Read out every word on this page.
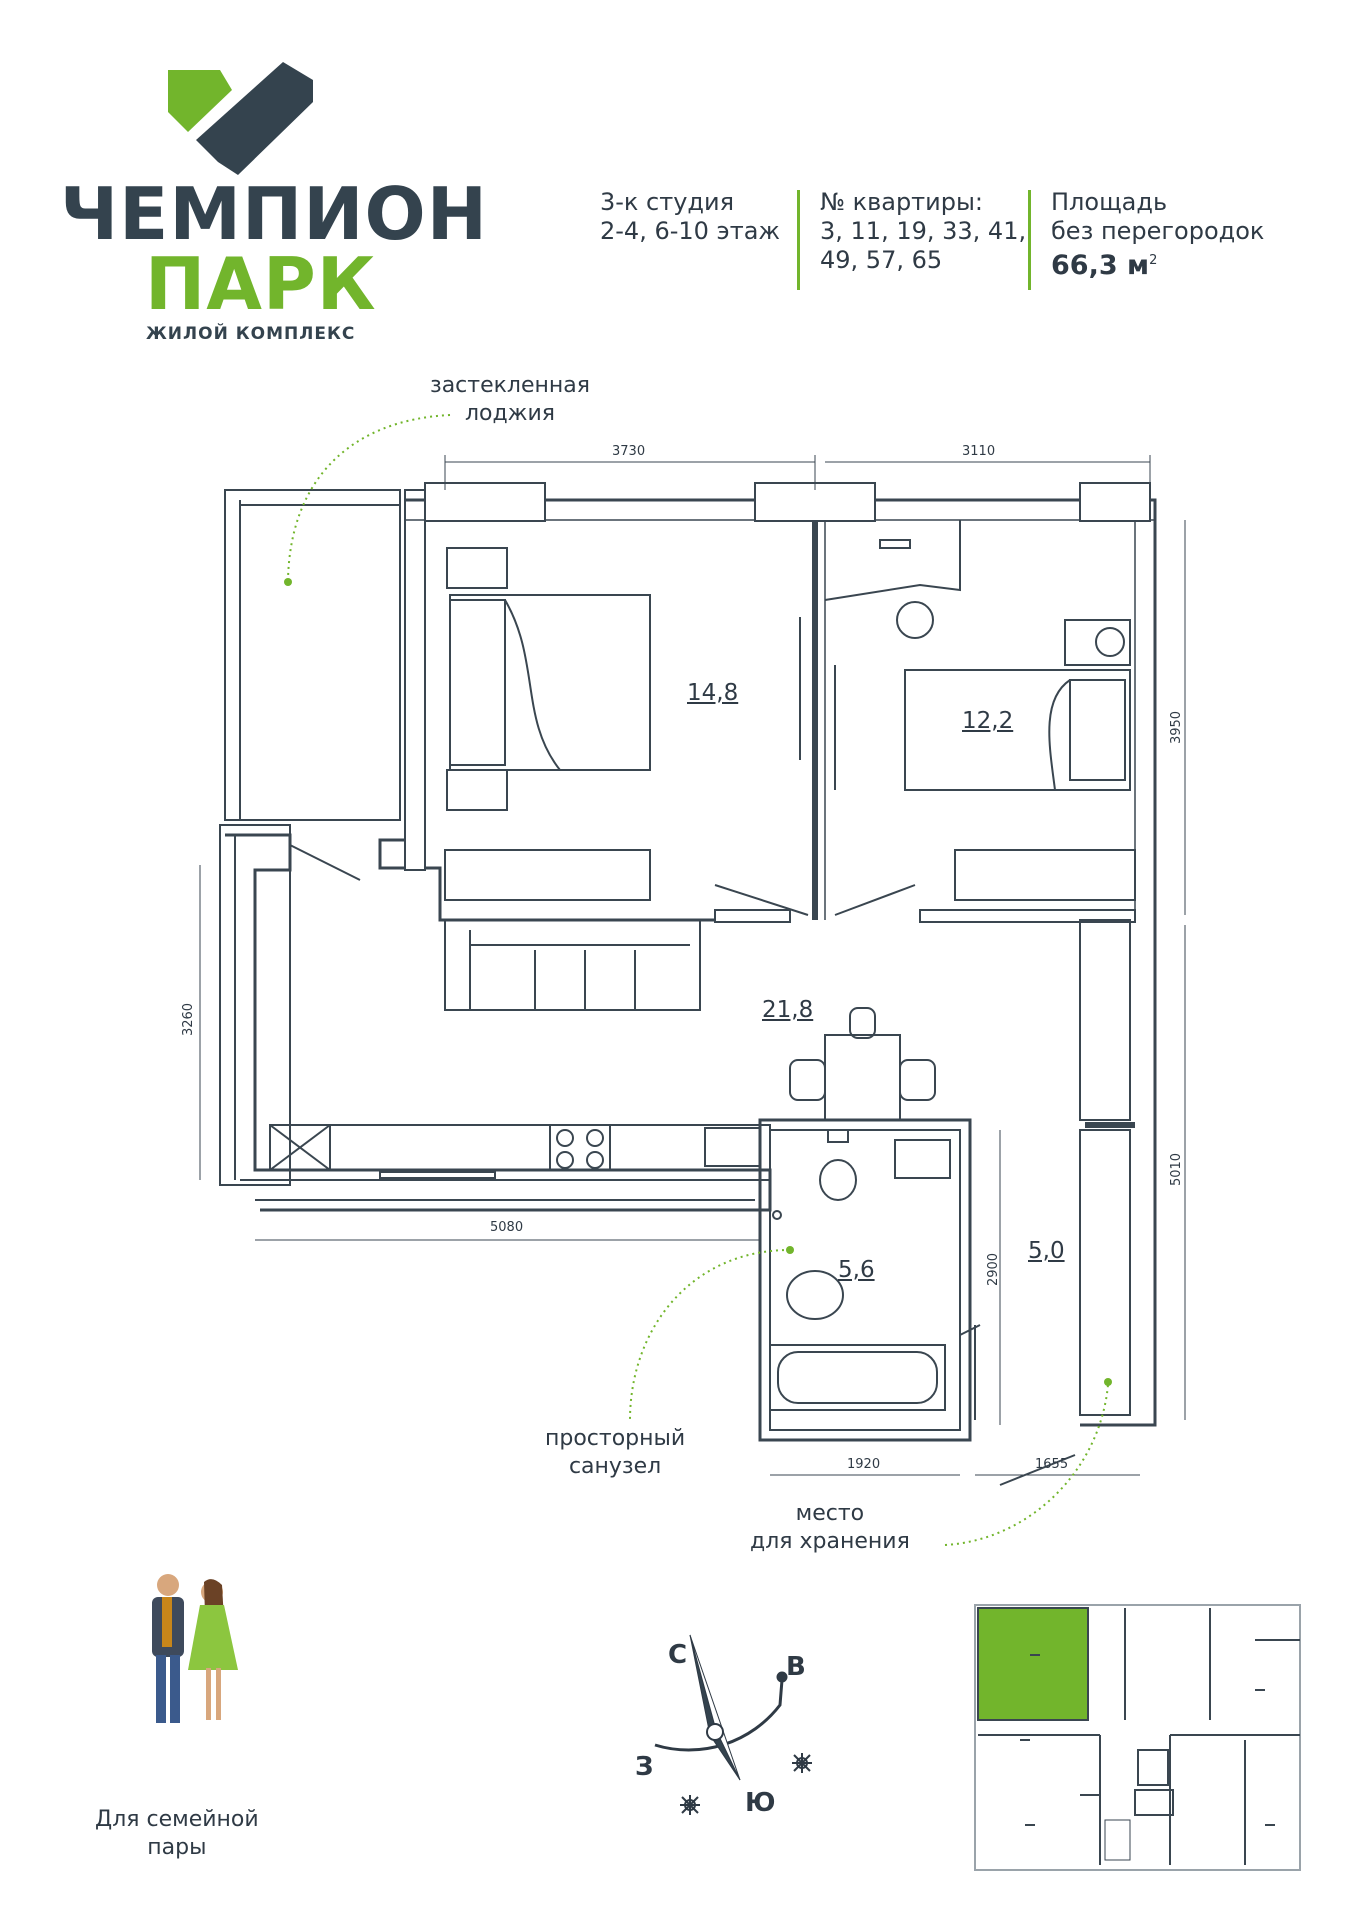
ЧЕМПИОН
ПАРК
ЖИЛОЙ КОМПЛЕКС
3-к студия
2-4, 6-10 этаж
№ квартиры:
3, 11, 19, 33, 41,
49, 57, 65
Площадь
без перегородок
66,3 $м^2$
застекленная
лоджия
просторный
санузел
место
для хранения
14,8
12,2
21,8
5,6
5,0
3730	3110
3950
5010
3260
5080
1920
2900
1655
Для семейной
пары
С	В
З
Ю
